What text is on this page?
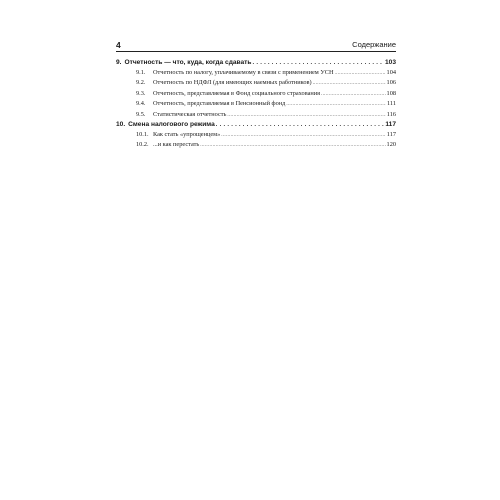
4	Содержание
9. Отчетность — что, куда, когда сдавать .....	103
9.1.	Отчетность по налогу, уплачиваемому в связи с применением УСН .....	104
9.2.	Отчетность по НДФЛ (для имеющих наемных работников) .....	106
9.3.	Отчетность, представляемая в Фонд социального страхования .....	108
9.4.	Отчетность, представляемая в Пенсионный фонд .....	111
9.5.	Статистическая отчетность .....	116
10. Смена налогового режима .....	117
10.1. Как стать «упрощенцем» .....	117
10.2. ...и как перестать .....	120
